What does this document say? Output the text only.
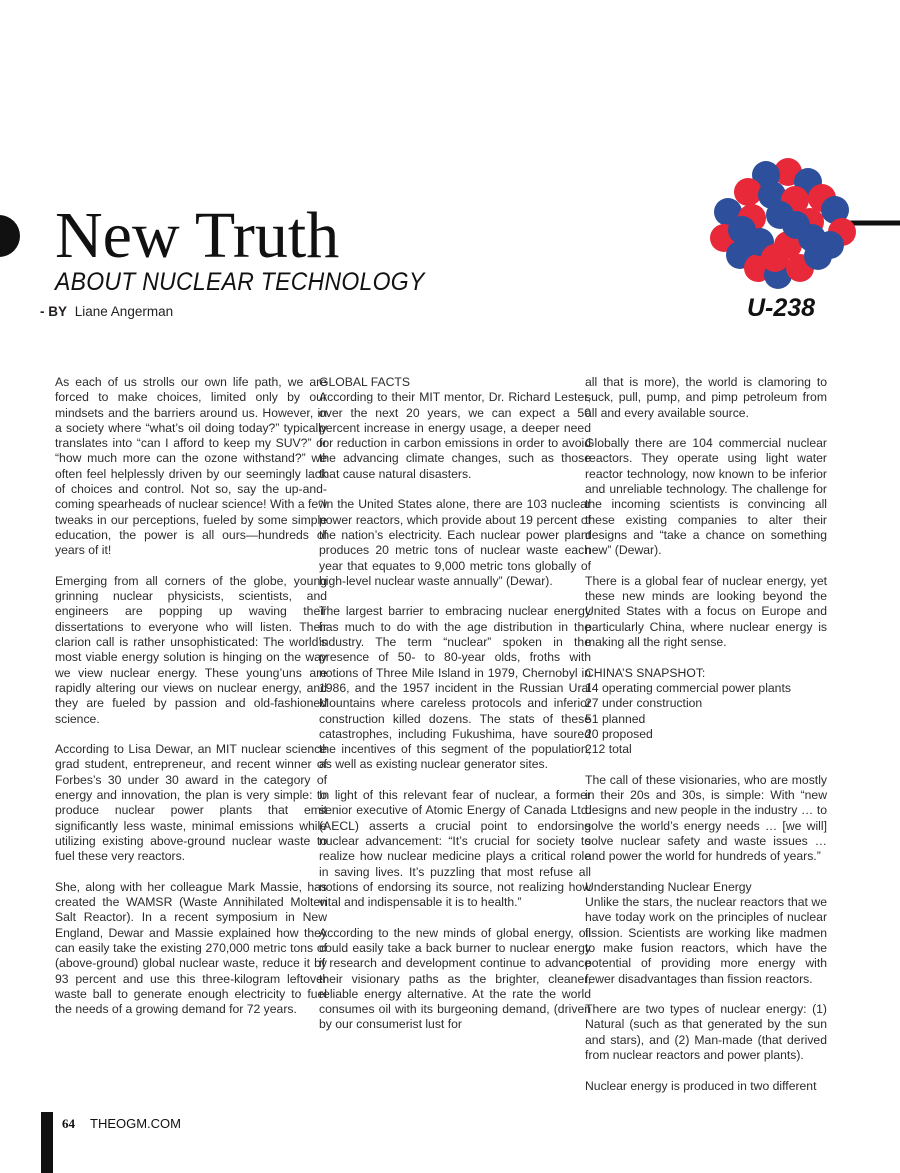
New Truth
ABOUT NUCLEAR TECHNOLOGY
- BY Liane Angerman	U-238

As each of us strolls our own life path, we are forced to make choices, limited only by our mindsets and the barriers around us. However, in a society where “what’s oil doing today?” typically translates into “can I afford to keep my SUV?” or “how much more can the ozone withstand?” we often feel helplessly driven by our seemingly lack of choices and control. Not so, say the up-and-coming spearheads of nuclear science! With a few tweaks in our perceptions, fueled by some simple education, the power is all ours—hundreds of years of it!

Emerging from all corners of the globe, young grinning nuclear physicists, scientists, and engineers are popping up waving their dissertations to everyone who will listen. Their clarion call is rather unsophisticated: The world’s most viable energy solution is hinging on the way we view nuclear energy. These young’uns are rapidly altering our views on nuclear energy, and they are fueled by passion and old-fashioned science.

According to Lisa Dewar, an MIT nuclear science grad student, entrepreneur, and recent winner of Forbes’s 30 under 30 award in the category of energy and innovation, the plan is very simple: to produce nuclear power plants that emit significantly less waste, minimal emissions while utilizing existing above-ground nuclear waste to fuel these very reactors.

She, along with her colleague Mark Massie, has created the WAMSR (Waste Annihilated Molten Salt Reactor). In a recent symposium in New England, Dewar and Massie explained how they can easily take the existing 270,000 metric tons of (above-ground) global nuclear waste, reduce it by 93 percent and use this three-kilogram leftover waste ball to generate enough electricity to fuel the needs of a growing demand for 72 years.

GLOBAL FACTS

According to their MIT mentor, Dr. Richard Lester, over the next 20 years, we can expect a 50 percent increase in energy usage, a deeper need for reduction in carbon emissions in order to avoid the advancing climate changes, such as those that cause natural disasters.

“In the United States alone, there are 103 nuclear power reactors, which provide about 19 percent of the nation’s electricity. Each nuclear power plant produces 20 metric tons of nuclear waste each year that equates to 9,000 metric tons globally of high-level nuclear waste annually” (Dewar).

The largest barrier to embracing nuclear energy has much to do with the age distribution in the industry. The term “nuclear” spoken in the presence of 50- to 80-year olds, froths with notions of Three Mile Island in 1979, Chernobyl in 1986, and the 1957 incident in the Russian Ural Mountains where careless protocols and inferior construction killed dozens. The stats of these catastrophes, including Fukushima, have soured the incentives of this segment of the population, as well as existing nuclear generator sites.

In light of this relevant fear of nuclear, a former senior executive of Atomic Energy of Canada Ltd. (AECL) asserts a crucial point to endorsing nuclear advancement: “It’s crucial for society to realize how nuclear medicine plays a critical role in saving lives. It’s puzzling that most refuse all notions of endorsing its source, not realizing how vital and indispensable it is to health.”

According to the new minds of global energy, oil could easily take a back burner to nuclear energy if research and development continue to advance their visionary paths as the brighter, cleaner, reliable energy alternative. At the rate the world consumes oil with its burgeoning demand, (driven by our consumerist lust for

all that is more), the world is clamoring to suck, pull, pump, and pimp petroleum from all and every available source.

Globally there are 104 commercial nuclear reactors. They operate using light water reactor technology, now known to be inferior and unreliable technology. The challenge for the incoming scientists is convincing all these existing companies to alter their designs and “take a chance on something new” (Dewar).

There is a global fear of nuclear energy, yet these new minds are looking beyond the United States with a focus on Europe and particularly China, where nuclear energy is making all the right sense.

CHINA’S SNAPSHOT:
14 operating commercial power plants
27 under construction
51 planned
20 proposed
212 total

The call of these visionaries, who are mostly in their 20s and 30s, is simple: With “new designs and new people in the industry … to solve the world’s energy needs … [we will] solve nuclear safety and waste issues … and power the world for hundreds of years.”

Understanding Nuclear Energy

Unlike the stars, the nuclear reactors that we have today work on the principles of nuclear fission. Scientists are working like madmen to make fusion reactors, which have the potential of providing more energy with fewer disadvantages than fission reactors.

There are two types of nuclear energy: (1) Natural (such as that generated by the sun and stars), and (2) Man-made (that derived from nuclear reactors and power plants).

Nuclear energy is produced in two different

64 THEOGM.COM
